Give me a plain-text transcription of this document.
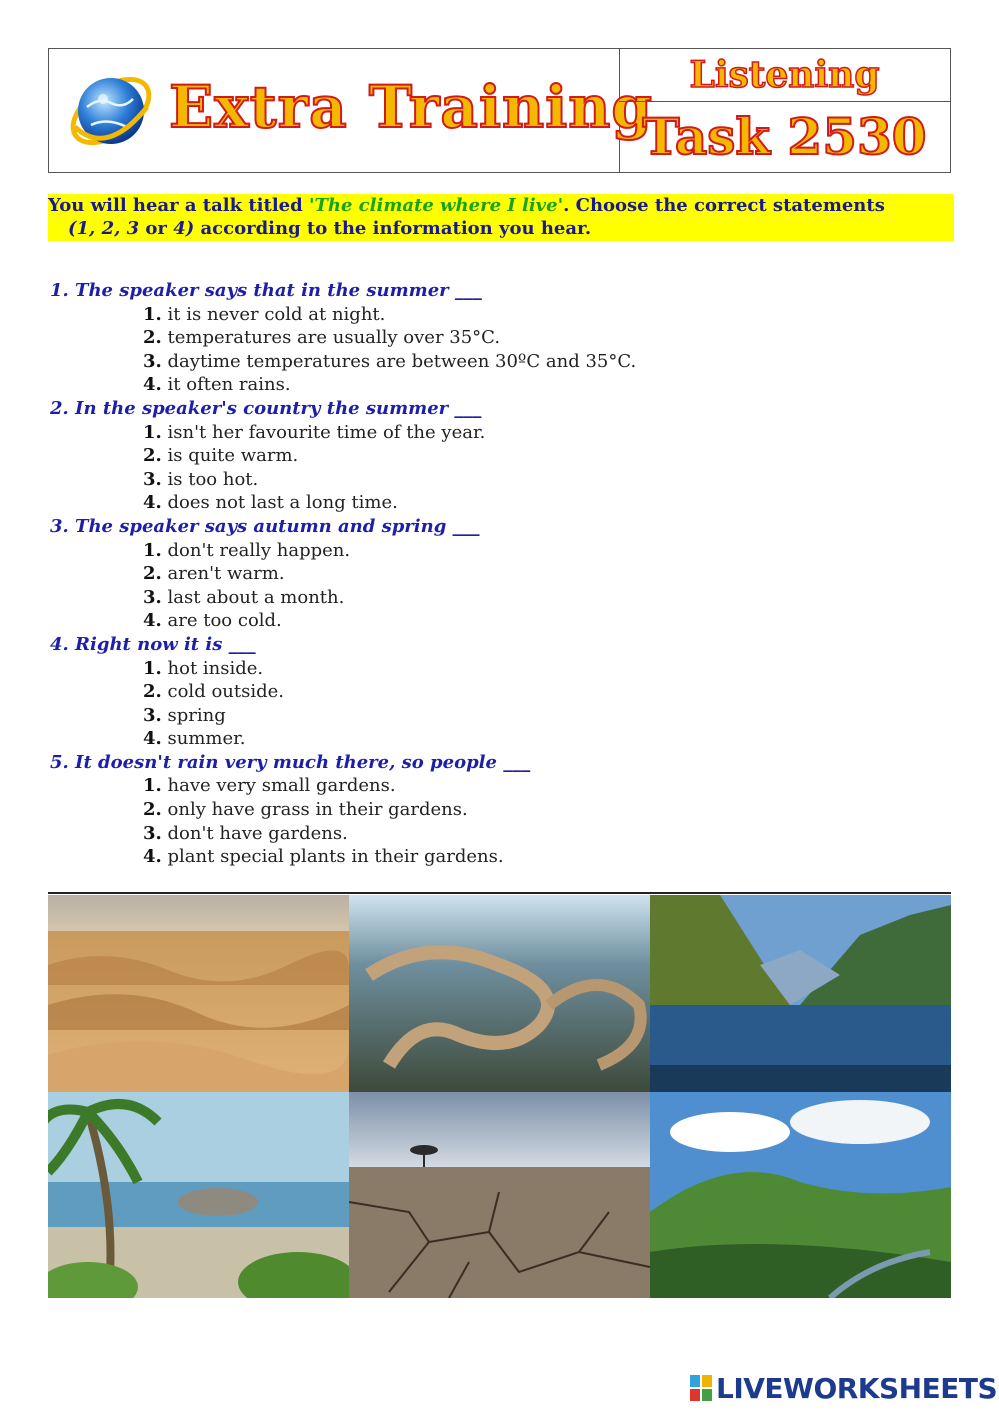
Extra Training	Listening
Task 2530
You will hear a talk titled 'The climate where I live'. Choose the correct statements
(1, 2, 3 or 4) according to the information you hear.
1. The speaker says that in the summer ___
1. it is never cold at night.
2. temperatures are usually over 35°C.
3. daytime temperatures are between 30ºC and 35°C.
4. it often rains.
2. In the speaker's country the summer ___
1. isn't her favourite time of the year.
2. is quite warm.
3. is too hot.
4. does not last a long time.
3. The speaker says autumn and spring ___
1. don't really happen.
2. aren't warm.
3. last about a month.
4. are too cold.
4. Right now it is ___
1. hot inside.
2. cold outside.
3. spring
4. summer.
5. It doesn't rain very much there, so people ___
1. have very small gardens.
2. only have grass in their gardens.
3. don't have gardens.
4. plant special plants in their gardens.
LIVEWORKSHEETS
